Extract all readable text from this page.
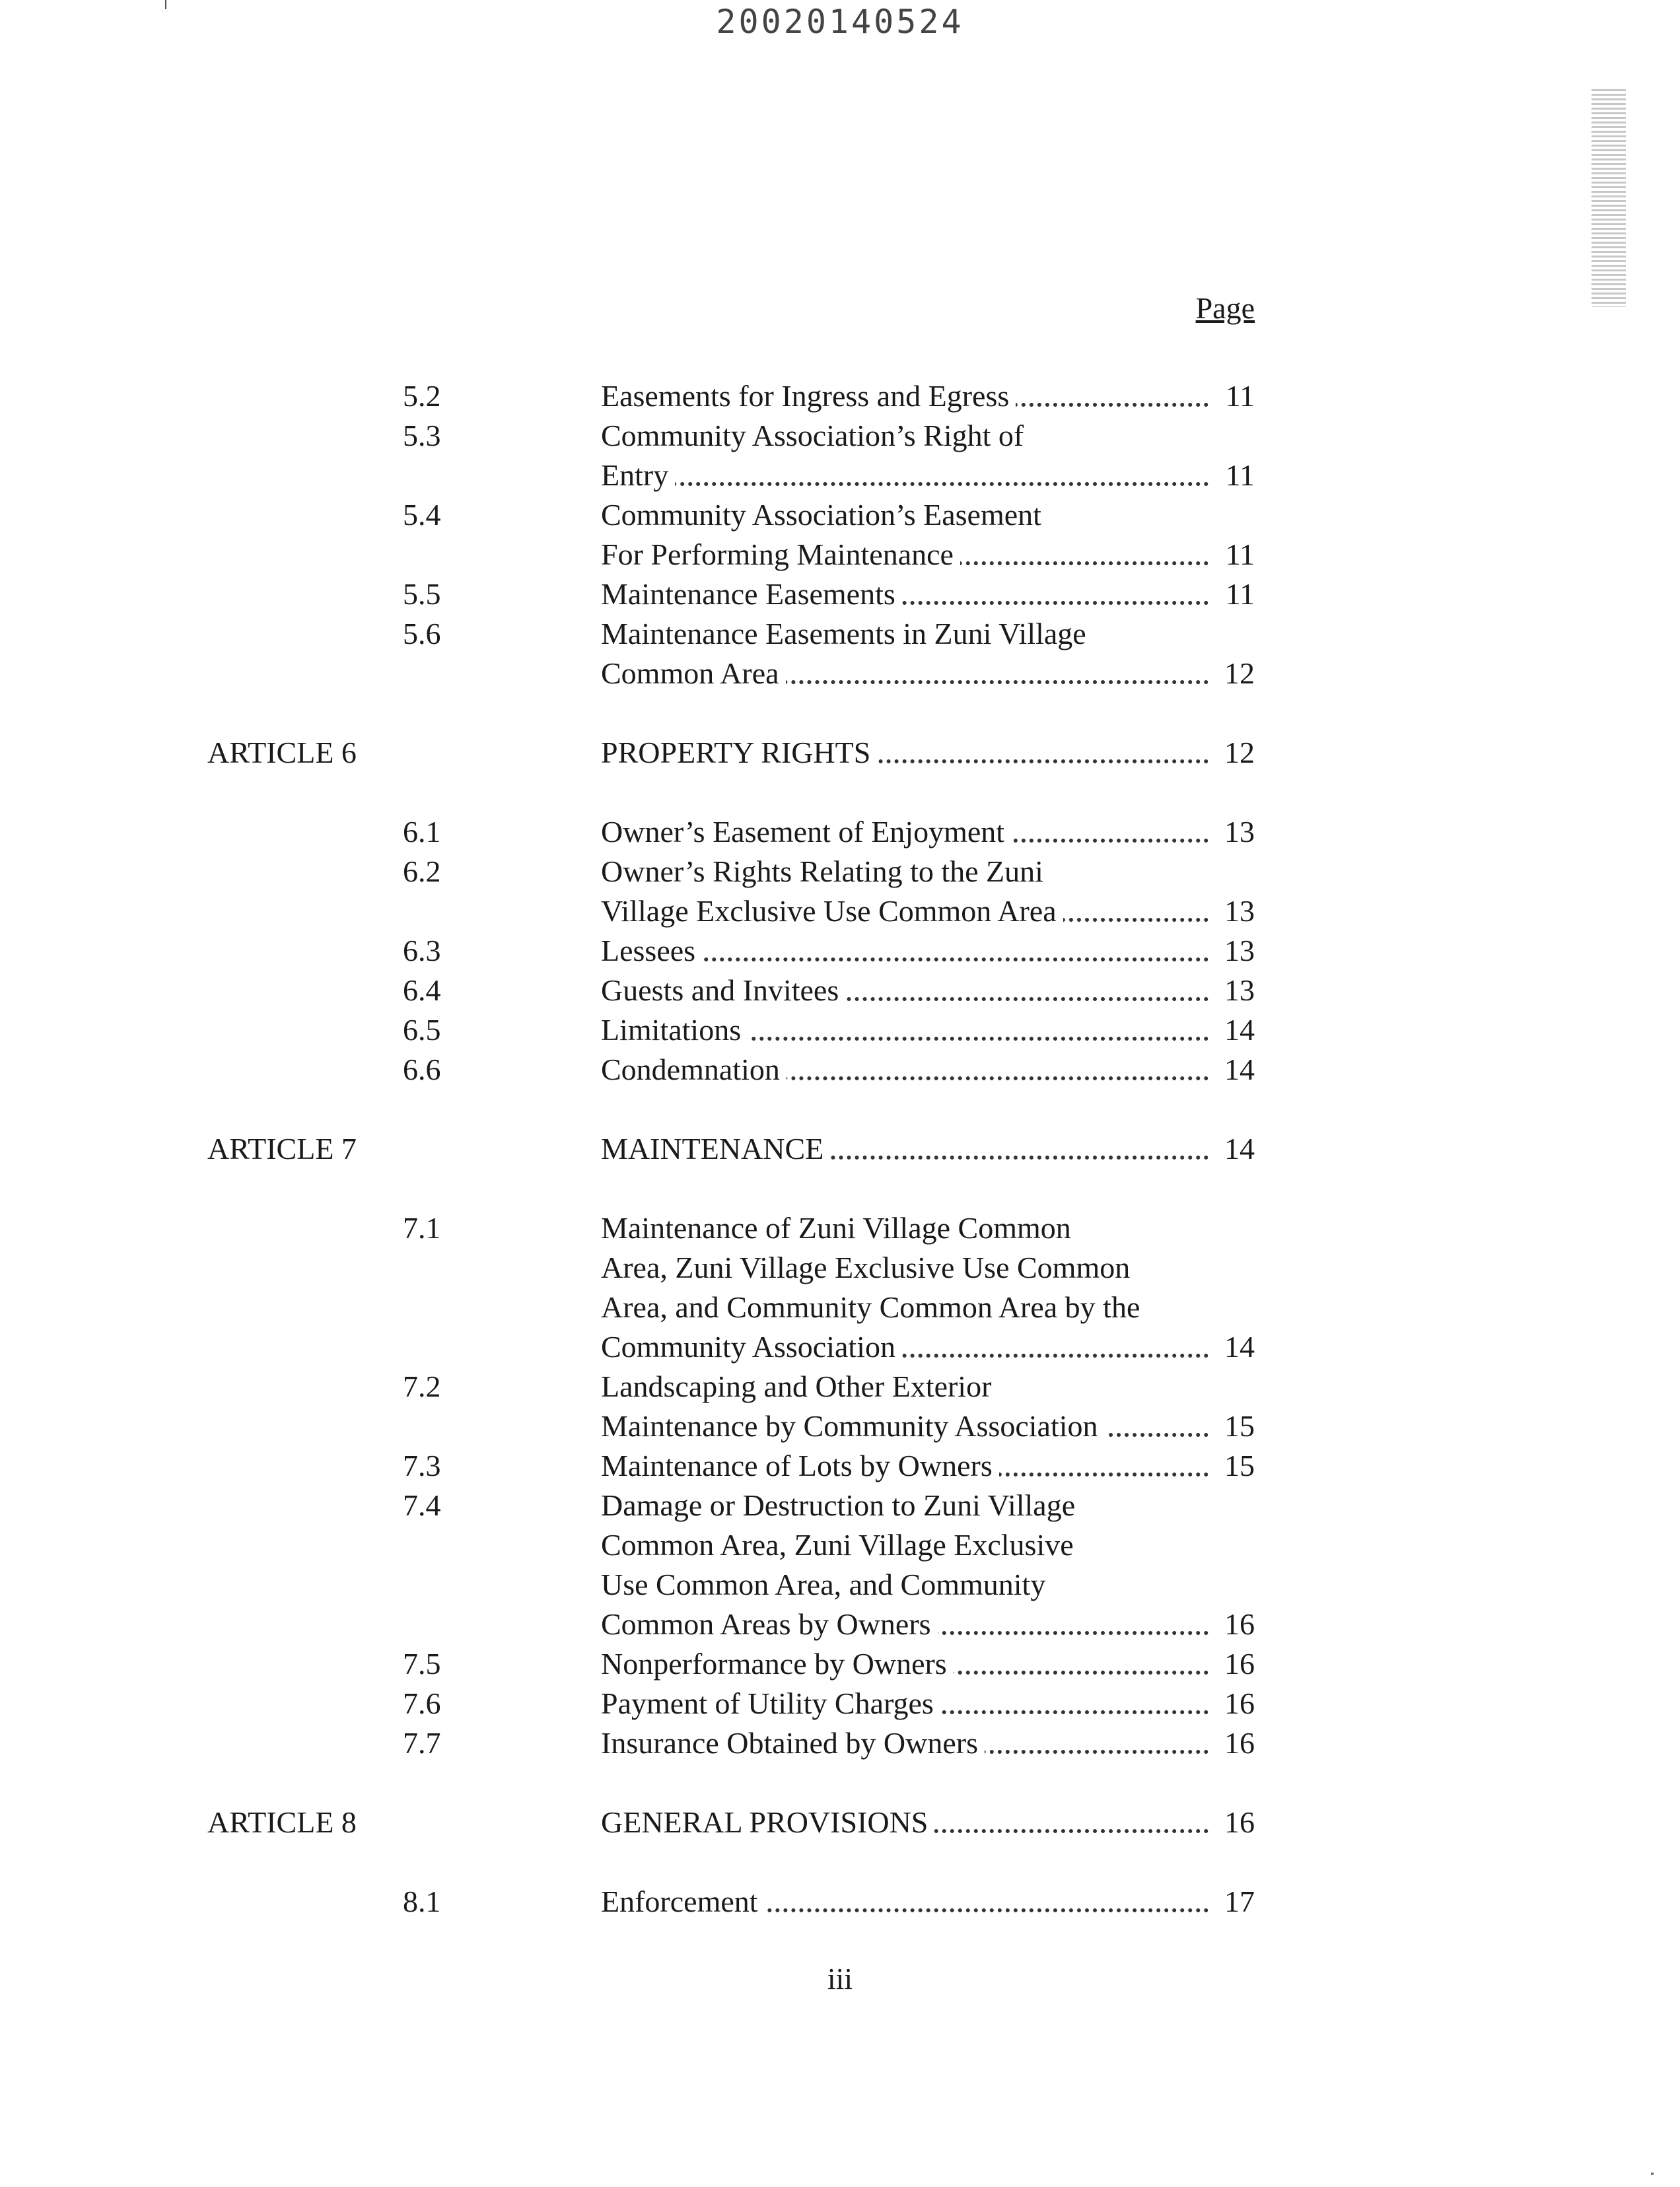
20020140524
Page
5.2	Easements for Ingress and Egress	11
5.3	Community Association’s Right of
Entry	11
5.4	Community Association’s Easement
For Performing Maintenance	11
5.5	Maintenance Easements	11
5.6	Maintenance Easements in Zuni Village
Common Area	12
ARTICLE 6	PROPERTY RIGHTS	12
6.1	Owner’s Easement of Enjoyment	13
6.2	Owner’s Rights Relating to the Zuni
Village Exclusive Use Common Area	13
6.3	Lessees	13
6.4	Guests and Invitees	13
6.5	Limitations	14
6.6	Condemnation	14
ARTICLE 7	MAINTENANCE	14
7.1	Maintenance of Zuni Village Common
Area, Zuni Village Exclusive Use Common
Area, and Community Common Area by the
Community Association	14
7.2	Landscaping and Other Exterior
Maintenance by Community Association	15
7.3	Maintenance of Lots by Owners	15
7.4	Damage or Destruction to Zuni Village
Common Area, Zuni Village Exclusive
Use Common Area, and Community
Common Areas by Owners	16
7.5	Nonperformance by Owners	16
7.6	Payment of Utility Charges	16
7.7	Insurance Obtained by Owners	16
ARTICLE 8	GENERAL PROVISIONS	16
8.1	Enforcement	17
iii
